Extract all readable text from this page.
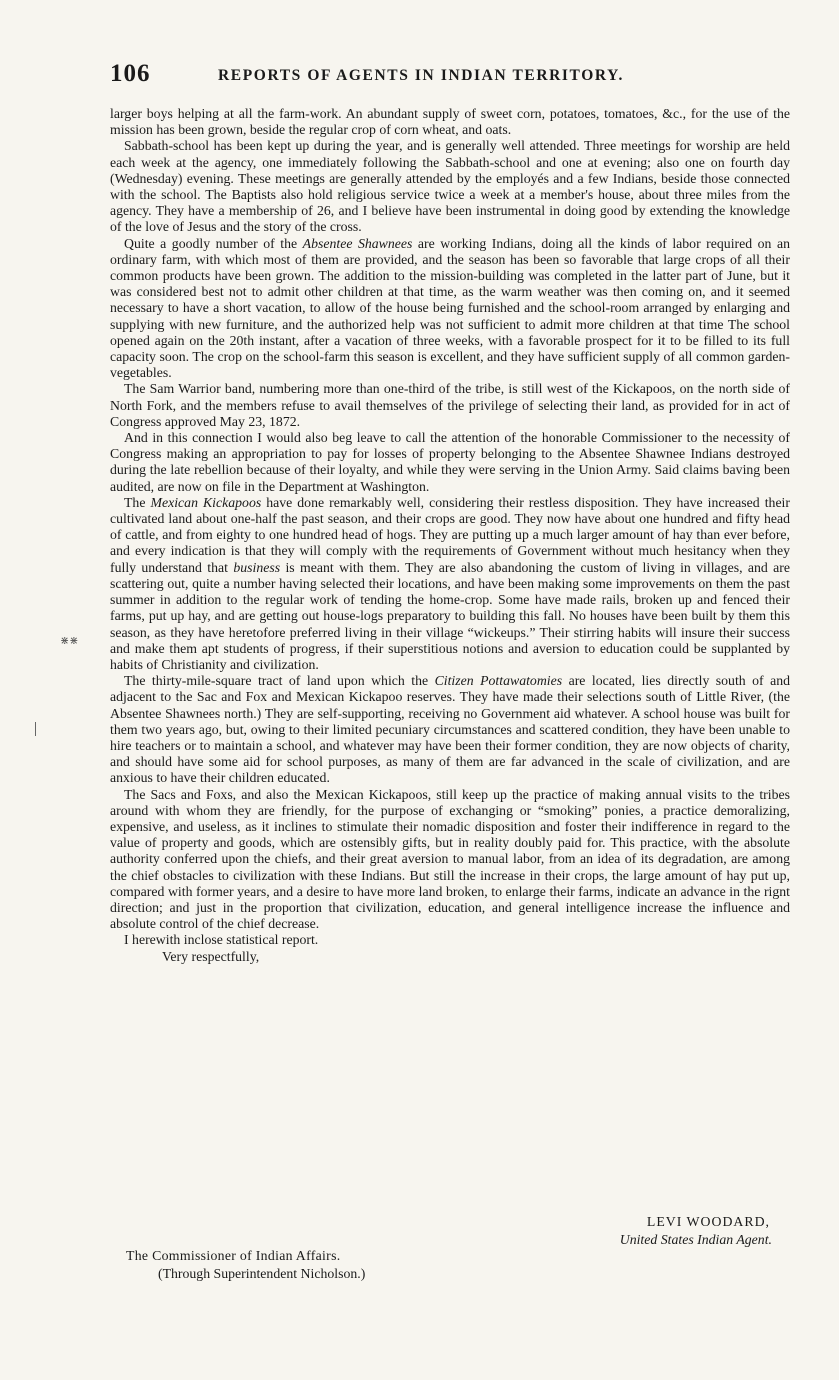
106	REPORTS OF AGENTS IN INDIAN TERRITORY.

larger boys helping at all the farm-work. An abundant supply of sweet corn, potatoes, tomatoes, &c., for the use of the mission has been grown, beside the regular crop of corn wheat, and oats.

Sabbath-school has been kept up during the year, and is generally well attended. Three meetings for worship are held each week at the agency, one immediately following the Sabbath-school and one at evening; also one on fourth day (Wednesday) evening. These meetings are generally attended by the employés and a few Indians, beside those connected with the school. The Baptists also hold religious service twice a week at a member's house, about three miles from the agency. They have a membership of 26, and I believe have been instrumental in doing good by extending the knowledge of the love of Jesus and the story of the cross.

Quite a goodly number of the Absentee Shawnees are working Indians, doing all the kinds of labor required on an ordinary farm, with which most of them are provided, and the season has been so favorable that large crops of all their common products have been grown. The addition to the mission-building was completed in the latter part of June, but it was considered best not to admit other children at that time, as the warm weather was then coming on, and it seemed necessary to have a short vacation, to allow of the house being furnished and the school-room arranged by enlarging and supplying with new furniture, and the authorized help was not sufficient to admit more children at that time The school opened again on the 20th instant, after a vacation of three weeks, with a favorable prospect for it to be filled to its full capacity soon. The crop on the school-farm this season is excellent, and they have sufficient supply of all common garden-vegetables.

The Sam Warrior band, numbering more than one-third of the tribe, is still west of the Kickapoos, on the north side of North Fork, and the members refuse to avail themselves of the privilege of selecting their land, as provided for in act of Congress approved May 23, 1872.

And in this connection I would also beg leave to call the attention of the honorable Commissioner to the necessity of Congress making an appropriation to pay for losses of property belonging to the Absentee Shawnee Indians destroyed during the late rebellion because of their loyalty, and while they were serving in the Union Army. Said claims baving been audited, are now on file in the Department at Washington.

The Mexican Kickapoos have done remarkably well, considering their restless disposition. They have increased their cultivated land about one-half the past season, and their crops are good. They now have about one hundred and fifty head of cattle, and from eighty to one hundred head of hogs. They are putting up a much larger amount of hay than ever before, and every indication is that they will comply with the requirements of Government without much hesitancy when they fully understand that business is meant with them. They are also abandoning the custom of living in villages, and are scattering out, quite a number having selected their locations, and have been making some improvements on them the past summer in addition to the regular work of tending the home-crop. Some have made rails, broken up and fenced their farms, put up hay, and are getting out house-logs preparatory to building this fall. No houses have been built by them this season, as they have heretofore preferred living in their village “wickeups.” Their stirring habits will insure their success and make them apt students of progress, if their superstitious notions and aversion to education could be supplanted by habits of Christianity and civilization.

The thirty-mile-square tract of land upon which the Citizen Pottawatomies are located, lies directly south of and adjacent to the Sac and Fox and Mexican Kickapoo reserves. They have made their selections south of Little River, (the Absentee Shawnees north.) They are self-supporting, receiving no Government aid whatever. A school house was built for them two years ago, but, owing to their limited pecuniary circumstances and scattered condition, they have been unable to hire teachers or to maintain a school, and whatever may have been their former condition, they are now objects of charity, and should have some aid for school purposes, as many of them are far advanced in the scale of civilization, and are anxious to have their children educated.

The Sacs and Foxs, and also the Mexican Kickapoos, still keep up the practice of making annual visits to the tribes around with whom they are friendly, for the purpose of exchanging or “smoking” ponies, a practice demoralizing, expensive, and useless, as it inclines to stimulate their nomadic disposition and foster their indifference in regard to the value of property and goods, which are ostensibly gifts, but in reality doubly paid for. This practice, with the absolute authority conferred upon the chiefs, and their great aversion to manual labor, from an idea of its degradation, are among the chief obstacles to civilization with these Indians. But still the increase in their crops, the large amount of hay put up, compared with former years, and a desire to have more land broken, to enlarge their farms, indicate an advance in the rignt direction; and just in the proportion that civilization, education, and general intelligence increase the influence and absolute control of the chief decrease.

I herewith inclose statistical report.

Very respectfully,

LEVI WOODARD,
United States Indian Agent.
The Commissioner of Indian Affairs.
(Through Superintendent Nicholson.)
⋇⋇
